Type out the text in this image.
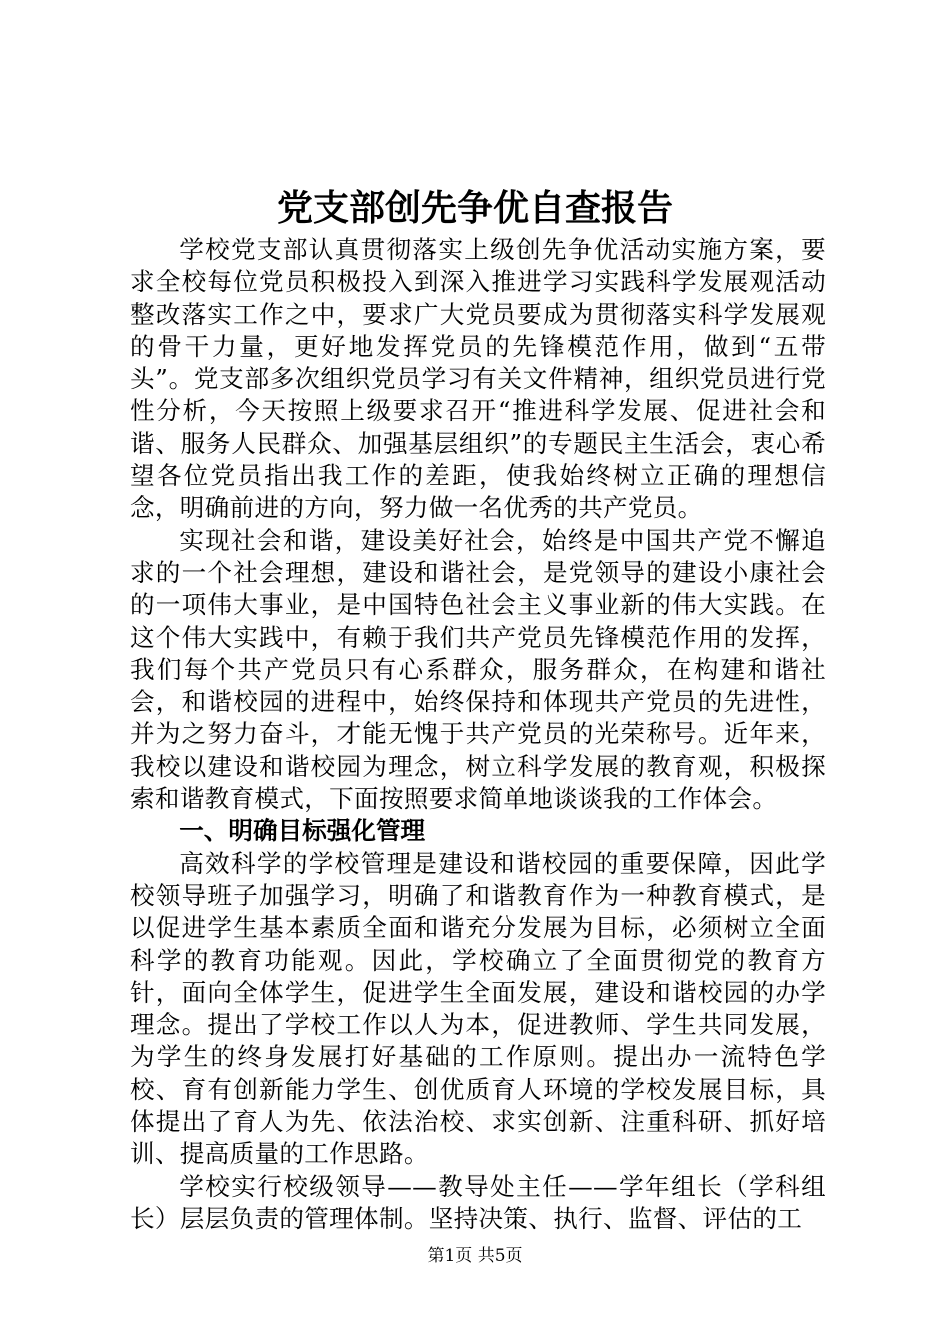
党支部创先争优自查报告

学校党支部认真贯彻落实上级创先争优活动实施方案，要求全校每位党员积极投入到深入推进学习实践科学发展观活动整改落实工作之中，要求广大党员要成为贯彻落实科学发展观的骨干力量，更好地发挥党员的先锋模范作用，做到“五带头”。党支部多次组织党员学习有关文件精神，组织党员进行党性分析，今天按照上级要求召开“推进科学发展、促进社会和谐、服务人民群众、加强基层组织”的专题民主生活会，衷心希望各位党员指出我工作的差距，使我始终树立正确的理想信念，明确前进的方向，努力做一名优秀的共产党员。

实现社会和谐，建设美好社会，始终是中国共产党不懈追求的一个社会理想，建设和谐社会，是党领导的建设小康社会的一项伟大事业，是中国特色社会主义事业新的伟大实践。在这个伟大实践中，有赖于我们共产党员先锋模范作用的发挥，我们每个共产党员只有心系群众，服务群众，在构建和谐社会，和谐校园的进程中，始终保持和体现共产党员的先进性，并为之努力奋斗，才能无愧于共产党员的光荣称号。近年来，我校以建设和谐校园为理念，树立科学发展的教育观，积极探索和谐教育模式，下面按照要求简单地谈谈我的工作体会。

一、明确目标强化管理

高效科学的学校管理是建设和谐校园的重要保障，因此学校领导班子加强学习，明确了和谐教育作为一种教育模式，是以促进学生基本素质全面和谐充分发展为目标，必须树立全面科学的教育功能观。因此，学校确立了全面贯彻党的教育方针，面向全体学生，促进学生全面发展，建设和谐校园的办学理念。提出了学校工作以人为本，促进教师、学生共同发展，为学生的终身发展打好基础的工作原则。提出办一流特色学校、育有创新能力学生、创优质育人环境的学校发展目标，具体提出了育人为先、依法治校、求实创新、注重科研、抓好培训、提高质量的工作思路。

学校实行校级领导——教导处主任——学年组长（学科组长）层层负责的管理体制。坚持决策、执行、监督、评估的工

第1页 共5页
